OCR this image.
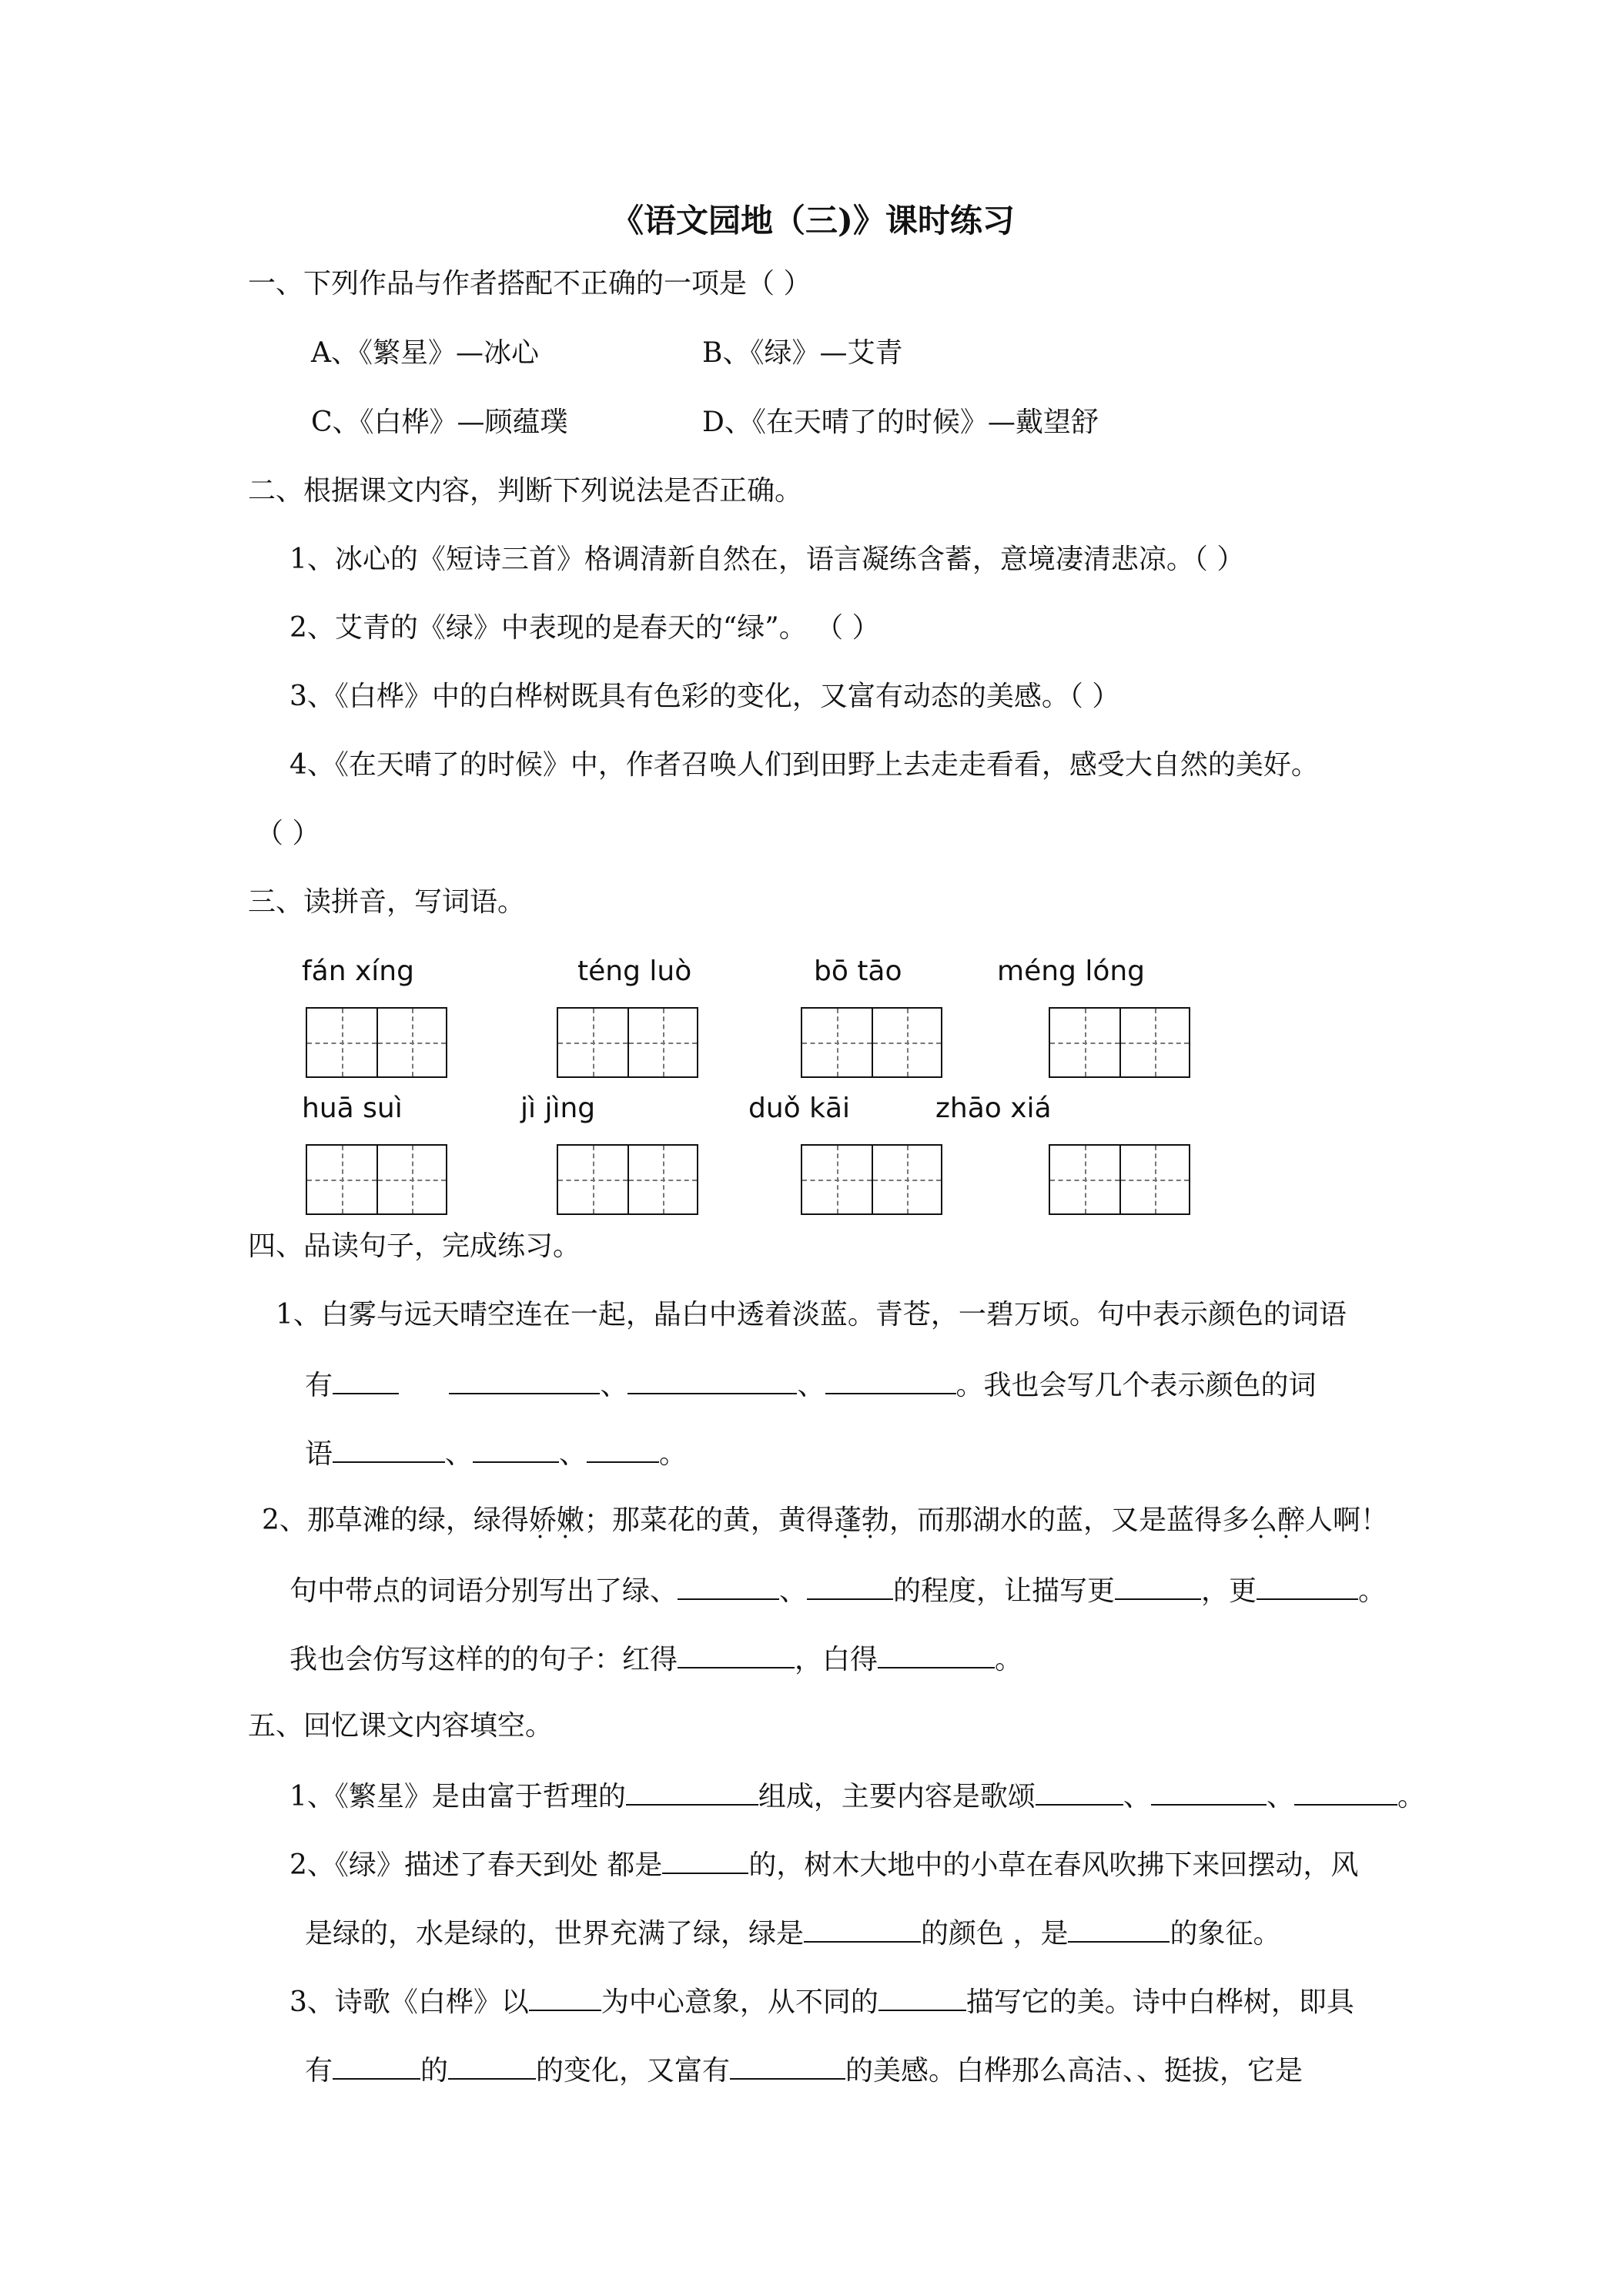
《语文园地（三)》课时练习
一、下列作品与作者搭配不正确的一项是（ ）
A、《繁星》—冰心	B、《绿》—艾青
C、《白桦》—顾蕴璞	D、《在天晴了的时候》—戴望舒
二、根据课文内容，判断下列说法是否正确。
1、冰心的《短诗三首》格调清新自然在，语言凝练含蓄，意境凄清悲凉。（ ）
2、艾青的《绿》中表现的是春天的“绿”。 （ ）
3、《白桦》中的白桦树既具有色彩的变化，又富有动态的美感。（ ）
4、《在天晴了的时候》中，作者召唤人们到田野上去走走看看，感受大自然的美好。
（ ）
三、读拼音，写词语。
fán xíng	téng luò	bō tāo	méng lóng
huā suì	jì jìng	duǒ kāi	zhāo xiá
四、品读句子，完成练习。
1、白雾与远天晴空连在一起，晶白中透着淡蓝。青苍，一碧万顷。句中表示颜色的词语
有	、	、	。我也会写几个表示颜色的词
语	、	、	。
2、那草滩的绿，绿得娇嫩 • •；那菜花的黄，黄得蓬勃 • •，而那湖水的蓝，又是蓝得多么醉人 • •啊！
句中带点的词语分别写出了绿、	、	的程度，让描写更	，更	。
我也会仿写这样的的句子：红得	，白得	。
五、回忆课文内容填空。
1、《繁星》是由富于哲理的	组成，主要内容是歌颂	、	、	。
2、《绿》描述了春天到处 都是	的，树木大地中的小草在春风吹拂下来回摆动，风
是绿的，水是绿的，世界充满了绿，绿是	的颜色 ，是	的象征。
3、诗歌《白桦》以	为中心意象，从不同的	描写它的美。诗中白桦树，即具
有	的	的变化，又富有	的美感。白桦那么高洁、、挺拔，它是
